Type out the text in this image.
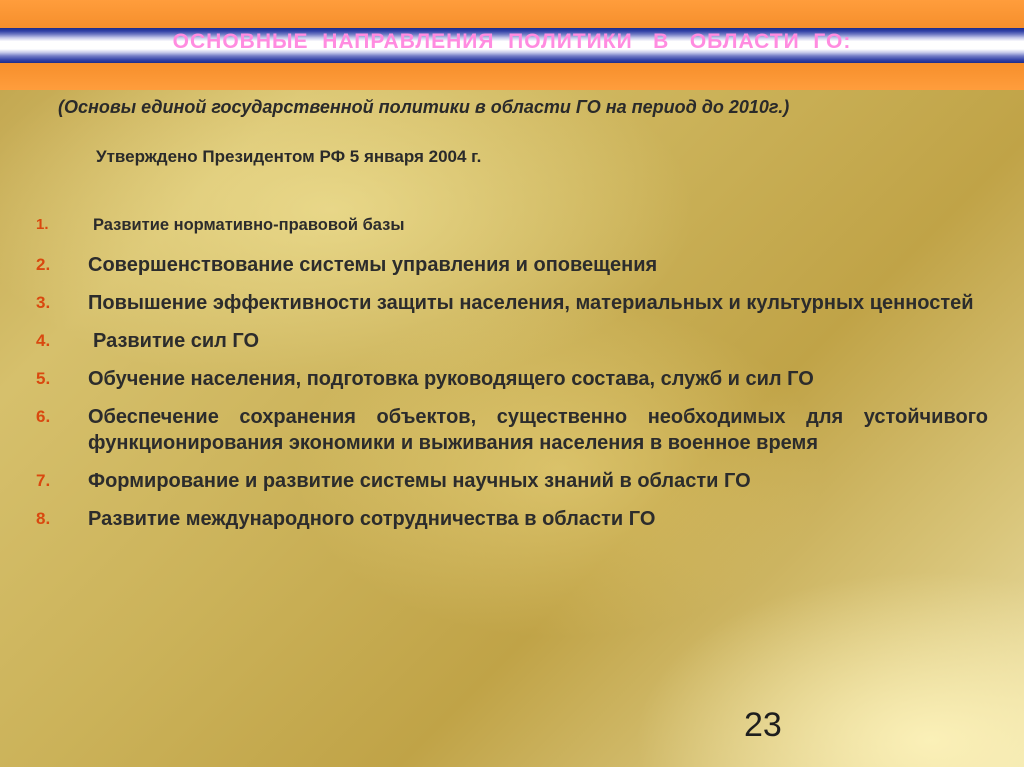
ОСНОВНЫЕ  НАПРАВЛЕНИЯ  ПОЛИТИКИ   В   ОБЛАСТИ  ГО:
(Основы единой государственной политики в области ГО на период до 2010г.)
Утверждено Президентом РФ 5 января 2004 г.
1.	Развитие нормативно-правовой базы
2. Совершенствование системы управления и оповещения
3. Повышение эффективности защиты населения, материальных и культурных ценностей
4. Развитие сил ГО
5. Обучение населения, подготовка руководящего состава, служб и сил ГО
6. Обеспечение сохранения объектов, существенно необходимых для устойчивого функционирования экономики и выживания населения в военное время
7. Формирование и развитие системы научных знаний в области ГО
8. Развитие международного сотрудничества в области ГО
23
